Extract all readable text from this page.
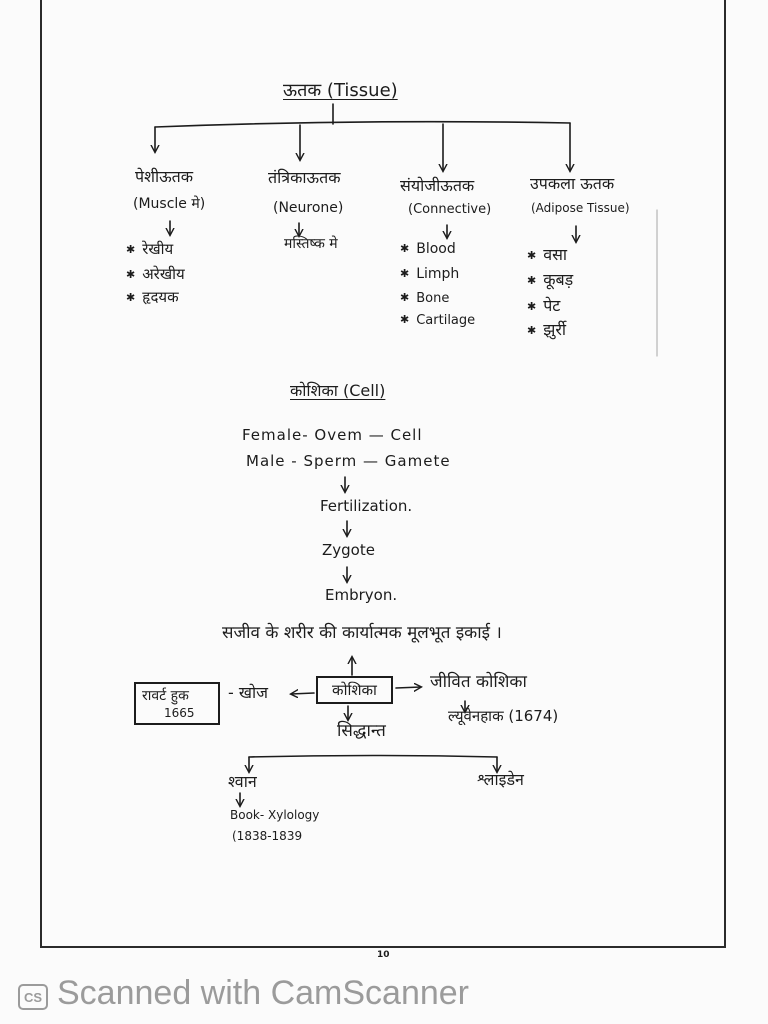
ऊतक (Tissue)
पेशीऊतक
(Muscle मे)
✱ रेखीय
✱ अरेखीय
✱ हृदयक
तंत्रिकाऊतक
(Neurone)
मस्तिष्क मे
संयोजीऊतक
(Connective)
✱ Blood
✱ Limph
✱ Bone
✱ Cartilage
उपकला ऊतक
(Adipose Tissue)
✱ वसा
✱ कूबड़
✱ पेट
✱ झुर्री
कोशिका (Cell)
Female- Ovem — Cell
Male - Sperm — Gamete
Fertilization.
Zygote
Embryon.
सजीव के शरीर की कार्यात्मक मूलभूत इकाई ।
रावर्ट हुक
1665
- खोज	कोशिका	जीवित कोशिका
ल्यूवेनहाक (1674)
सिद्धान्त
श्वान	श्लाइडेन
Book- Xylology
(1838-1839
10
CS Scanned with CamScanner
